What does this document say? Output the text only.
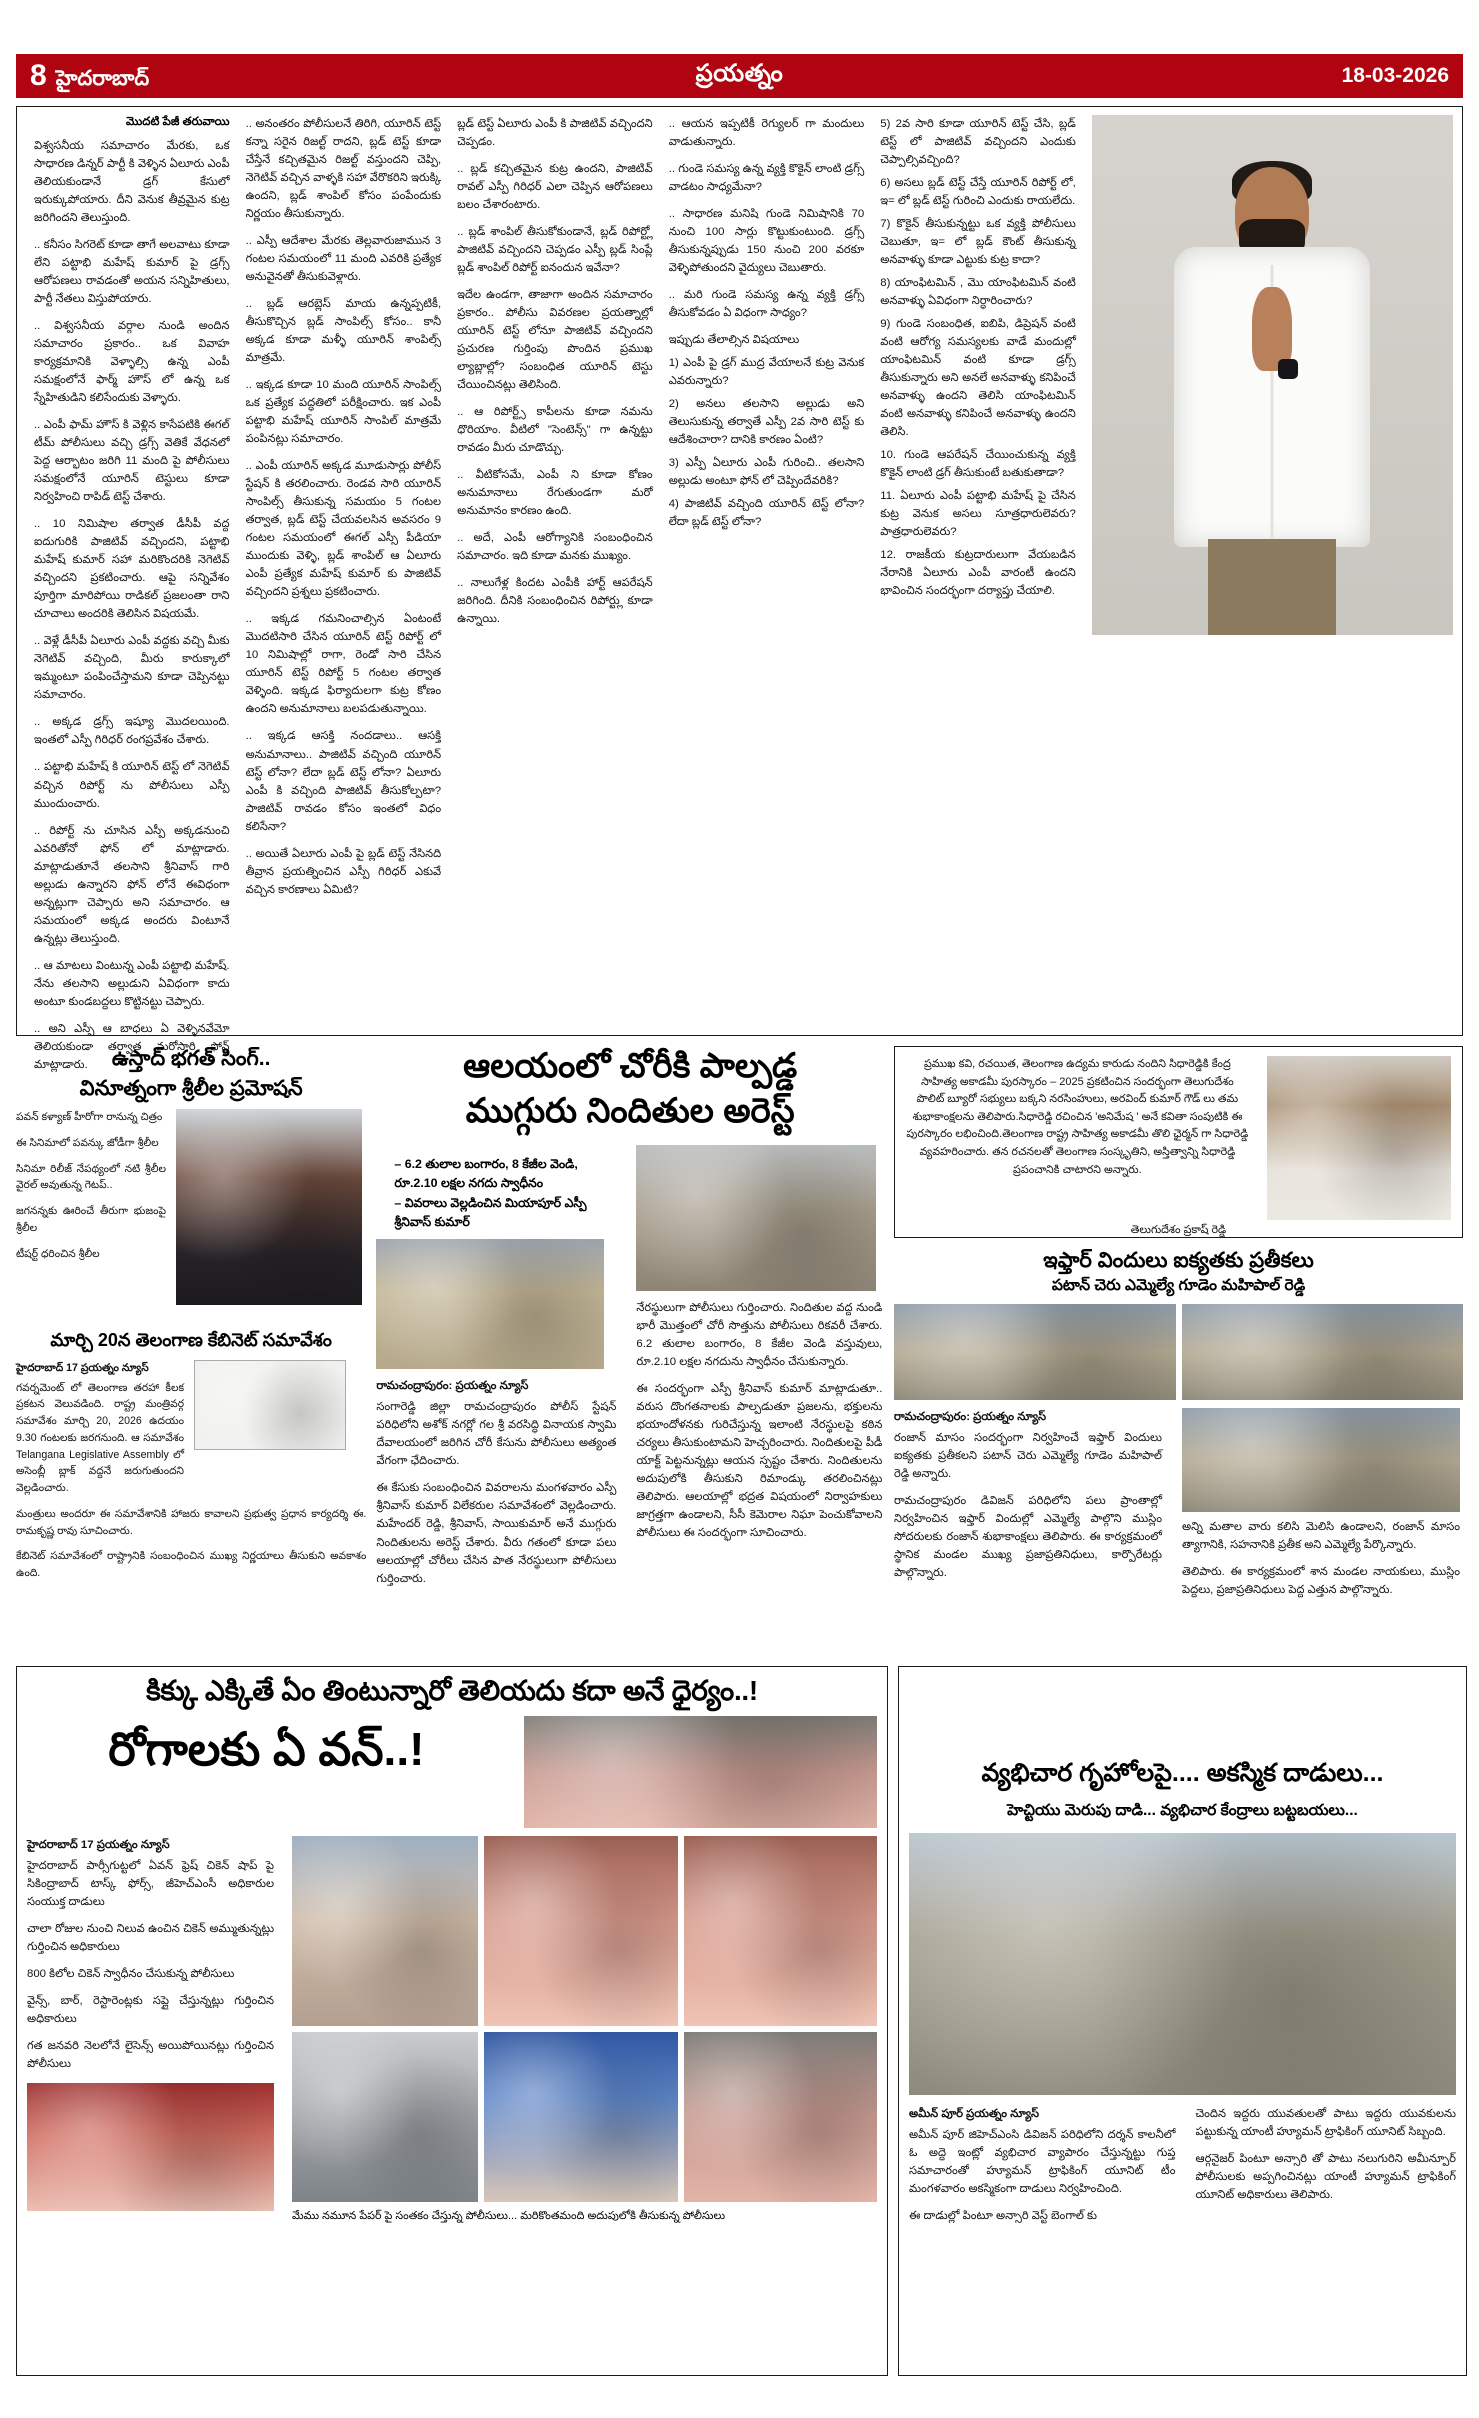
8 హైదరాబాద్	ప్రయత్నం	18-03-2026
మొదటి పేజీ తరువాయి

విశ్వసనీయ సమాచారం మేరకు, ఒక సాధారణ డిన్నర్ పార్టీ కి వెళ్ళిన ఏలూరు ఎంపీ తెలియకుండానే డ్రగ్ కేసులో ఇరుక్కుపోయారు. దీని వెనుక తీవ్రమైన కుట్ర జరిగిందని తెలుస్తుంది.

.. కనీసం సిగరెట్ కూడా తాగే అలవాటు కూడా లేని పట్టాభి మహేష్ కుమార్ పై డ్రగ్స్ ఆరోపణలు రావడంతో అయన సన్నిహితులు, పార్టీ నేతలు విస్తుపోయారు.

.. విశ్వసనీయ వర్గాల నుండి అందిన సమాచారం ప్రకారం.. ఒక వివాహ కార్యక్రమానికి వెళ్ళాల్సి ఉన్న ఎంపీ సమక్షంలోనే ఫార్మ్ హౌస్ లో ఉన్న ఒక స్నేహితుడిని కలిసేందుకు వెళ్ళారు.

.. ఎంపీ ఫామ్ హౌస్ కి వెళ్లిన కాసేపటికి ఈగల్ టీమ్ పోలీసులు వచ్చి డ్రగ్స్ వెతికే వేధనలో పెద్ద ఆర్భాటం జరిగి 11 మంది పై పోలీసులు సమక్షంలోనే యూరిన్ టెస్టులు కూడా నిర్వహించి రాపిడ్ టెస్ట్ చేశారు.

.. 10 నిమిషాల తర్వాత డీసీపీ వద్ద ఐదుగురికి పాజిటివ్ వచ్చిందని, పట్టాభి మహేష్ కుమార్ సహా మరికొందరికి నెగెటివ్ వచ్చిందని ప్రకటించారు. ఆపై సన్నివేశం పూర్తిగా మారిపోయి రాడికల్ ప్రజలంతా రాని చూచాలు అందరికి తెలిసిన విషయమే.

.. వెళ్లే డీసీపీ ఏలూరు ఎంపీ వద్దకు వచ్చి మీకు నెగెటివ్ వచ్చింది, మీరు కారుక్కాలో ఇమ్మంటూ పంపించేస్తామని కూడా చెప్పినట్టు సమాచారం.

.. అక్కడ డ్రగ్స్ ఇష్యూ మొదలయింది. ఇంతలో ఎస్పీ గిరిధర్ రంగప్రవేశం చేశారు.

.. పట్టాభి మహేష్ కి యూరిన్ టెస్ట్ లో నెగెటివ్ వచ్చిన రిపోర్ట్ ను పోలీసులు ఎస్పీ ముందుంచారు.

.. రిపోర్ట్ ను చూసిన ఎస్పీ అక్కడనుంచి ఎవరితోనో ఫోన్ లో మాట్లాడారు. మాట్లాడుతూనే తలసాని శ్రీనివాస్ గారి అల్లుడు ఉన్నారని ఫోన్ లోనే ఈవిధంగా అన్నట్లుగా చెప్పారు అని సమాచారం. ఆ సమయంలో అక్కడ అందరు వింటూనే ఉన్నట్లు తెలుస్తుంది.

.. ఆ మాటలు వింటున్న ఎంపీ పట్టాభి మహేష్. నేను తలసాని అల్లుడుని ఏవిధంగా కాదు అంటూ కుండబద్దలు కొట్టినట్టు చెప్పారు.

.. అని ఎస్పీ ఆ బాధలు ఏ వెళ్ళినవేమో తెలియకుండా తర్వాత మరోసారి ఫోన్ మాట్లాడారు.

.. అనంతరం పోలీసులనే తిరిగి, యూరిన్ టెస్ట్ కన్నా సరైన రిజల్ట్ రాదని, బ్లడ్ టెస్ట్ కూడా చేస్తేనే కచ్చితమైన రిజల్ట్ వస్తుందని చెప్పి, నెగెటివ్ వచ్చిన వాళ్ళకి సహా వేరొకరిని ఇరుక్కి ఉందని, బ్లడ్ శాంపిల్ కోసం పంపేందుకు నిర్ణయం తీసుకున్నారు.

.. ఎస్పీ ఆదేశాల మేరకు తెల్లవారుజామున 3 గంటల సమయంలో 11 మంది ఎవరికి ప్రత్యేక అనువైనతో తీసుకువెళ్లారు.

.. బ్లడ్ ఆరబ్లెస్ మాయ ఉన్నప్పటికీ, తీసుకొచ్చిన బ్లడ్ సాంపిల్స్ కోసం.. కానీ అక్కడ కూడా మళ్ళీ యూరిన్ శాంపిల్స్ మాత్రమే.

.. ఇక్కడ కూడా 10 మంది యూరిన్ సాంపిల్స్ ఒక ప్రత్యేక పద్ధతిలో పరీక్షించారు. ఇక ఎంపీ పట్టాభి మహేష్ యూరిన్ సాంపిల్ మాత్రమే పంపినట్లు సమాచారం.

.. ఎంపీ యూరిన్ అక్కడ మూడుసార్లు పోలీస్ స్టేషన్ కి తరలించారు. రెండవ సారి యూరిన్ సాంపిల్స్ తీసుకున్న సమయం 5 గంటల తర్వాత, బ్లడ్ టెస్ట్ చేయవలసిన అవసరం 9 గంటల సమయంలో ఈగల్ ఎస్సీ పీడియా ముందుకు వెళ్ళి, బ్లడ్ శాంపిల్ ఆ ఏలూరు ఎంపీ ప్రత్యేక మహేష్ కుమార్ కు పాజిటివ్ వచ్చిందని ప్రశ్నలు ప్రకటించారు.

.. ఇక్కడ గమనించాల్సిన ఏంటంటే మొదటిసారి చేసిన యూరిన్ టెస్ట్ రిపోర్ట్ లో 10 నిమిషాల్లో రాగా, రెండో సారి చేసిన యూరిన్ టెస్ట్ రిపోర్ట్ 5 గంటల తర్వాత వెళ్ళింది. ఇక్కడ ఫిర్యాదులగా కుట్ర కోణం ఉందని అనుమానాలు బలపడుతున్నాయి.

.. ఇక్కడ ఆసక్తి నందడాలు.. ఆసక్తి అనుమానాలు.. పాజిటివ్ వచ్చింది యూరిన్ టెస్ట్ లోనా? లేదా బ్లడ్ టెస్ట్ లోనా? ఏలూరు ఎంపీ కి వచ్చింది పాజిటివ్ తీసుకోల్పటా? పాజిటివ్ రావడం కోసం ఇంతలో విధం కలిసేనా?

.. అయితే ఏలూరు ఎంపీ పై బ్లడ్ టెస్ట్ నేసినది తీవ్రాన ప్రయత్నించిన ఎస్పీ గిరిధర్ ఎకువే వచ్చిన కారణాలు ఏమిటి?

బ్లడ్ టెస్ట్ ఏలూరు ఎంపీ కి పాజిటివ్ వచ్చిందని చెప్పడం.

.. బ్లడ్ కచ్చితమైన కుట్ర ఉందని, పాజిటివ్ రావల్ ఎస్పీ గిరిధర్ ఎలా చెప్పిన ఆరోపణలు బలం చేశారంటారు.

.. బ్లడ్ శాంపిల్ తీసుకోకుండానే, బ్లడ్ రిపోర్ట్లో పాజిటివ్ వచ్చిందని చెప్పడం ఎస్పీ బ్లడ్ సింప్లే బ్లడ్ శాంపిల్ రిపోర్ట్ ఐనందున ఇవేనా?

ఇదేల ఉండగా, తాజాగా అందిన సమాచారం ప్రకారం.. పోలీసు వివరణల ప్రయత్నాల్లో యూరిన్ టెస్ట్ లోనూ పాజిటివ్ వచ్చిందని ప్రచురణ గుర్తింపు పొందిన ప్రముఖ ల్యాబ్లాల్లో? సంబంధిత యూరిన్ టెస్టు చేయించినట్లు తెలిసింది.

.. ఆ రిపోర్ట్స్ కాపీలను కూడా నమను ధొరియాం. వీటిలో "సెంటెన్స్" గా ఉన్నట్టు రావడం మీరు చూడొచ్చు.

.. వీటికోసమే, ఎంపీ ని కూడా కోణం అనుమానాలు రేగుతుండగా మరో అనుమానం కారణం ఉంది.

.. అదే, ఎంపీ ఆరోగ్యానికి సంబంధించిన సమాచారం. ఇది కూడా మనకు ముఖ్యం.

.. నాలుగేళ్ల కిందట ఎంపీకి హార్ట్ ఆపరేషన్ జరిగింది. దీనికి సంబంధించిన రిపోర్ట్లు కూడా ఉన్నాయి.

.. ఆయన ఇప్పటికీ రెగ్యులర్ గా మందులు వాడుతున్నారు.

.. గుండె సమస్య ఉన్న వ్యక్తి కొకైన్ లాంటి డ్రగ్స్ వాడటం సాధ్యమేనా?

.. సాధారణ మనిషి గుండె నిమిషానికి 70 నుంచి 100 సార్లు కొట్టుకుంటుంది. డ్రగ్స్ తీసుకున్నప్పుడు 150 నుంచి 200 వరకూ వెళ్ళిపోతుందని వైద్యులు చెబుతారు.

.. మరి గుండె సమస్య ఉన్న వ్యక్తి డ్రగ్స్ తీసుకోవడం ఏ విధంగా సాధ్యం?

ఇప్పుడు తేలాల్సిన విషయాలు

1) ఎంపీ పై డ్రగ్ ముద్ర వేయాలనే కుట్ర వెనుక ఎవరున్నారు?

2) అనలు తలసాని అల్లుడు అని తెలుసుకున్న తర్వాతే ఎస్పీ 2వ సారి టెస్ట్ కు ఆదేశించారా? దానికి కారణం ఏంటి?

3) ఎస్పీ ఏలూరు ఎంపీ గురించి.. తలసాని అల్లుడు అంటూ ఫోన్ లో చెప్పిందేవరికి?

4) పాజిటివ్ వచ్చింది యూరిన్ టెస్ట్ లోనా? లేదా బ్లడ్ టెస్ట్ లోనా?

5) 2వ సారి కూడా యూరిన్ టెస్ట్ చేసి, బ్లడ్ టెస్ట్ లో పాజిటివ్ వచ్చిందని ఎందుకు చెప్పాల్సివచ్చింది?

6) అసలు బ్లడ్ టెస్ట్ చేస్తే యూరిన్ రిపోర్ట్ లో, ఇ= లో బ్లడ్ టెస్ట్ గురించి ఎందుకు రాయలేదు.

7) కొకైన్ తీసుకున్నట్టు ఒక వ్యక్తి పోలీసులు చెబుతూ, ఇ= లో బ్లడ్ కౌంట్ తీసుకున్న అనవాళ్ళు కూడా ఎట్టుకు కుట్ర కాదా?

8) యాంఫిటమిన్ , మొ యాంఫిటమిన్ వంటి అనవాళ్ళు ఏవిధంగా నిర్ధారించారు?

9) గుండె సంబంధిత, ఐబిపి, డిప్రెషన్ వంటి వంటి ఆరోగ్య సమస్యలకు వాడే మందుల్లో యాంఫిటమిన్ వంటి కూడా డ్రగ్స్ తీసుకున్నారు అని అనలే అనవాళ్ళు కనిపించే అనవాళ్ళు ఉందని తెలిసి యాంఫిటమిన్ వంటి అనవాళ్ళు కనిపించే అనవాళ్ళు ఉందని తెలిసి.

10. గుండె ఆపరేషన్ చేయించుకున్న వ్యక్తి కొకైన్ లాంటి డ్రగ్ తీసుకుంటే బతుకుతాడా?

11. ఏలూరు ఎంపీ పట్టాభి మహేష్ పై చేసిన కుట్ర వెనుక అసలు సూత్రధారులెవరు? పాత్రధారులెవరు?

12. రాజకీయ కుట్రదారులుగా వేయబడిన నేరానికి ఏలూరు ఎంపీ వారంటీ ఉందని భావించిన సందర్భంగా దర్యాప్తు చేయాలి.

ఉస్తాద్ భగత్ సింగ్..
వినూత్నంగా శ్రీలీల ప్రమోషన్

పవన్ కళ్యాణ్ హీరోగా రానున్న చిత్రం

ఈ సినిమాలో పవన్కు జోడీగా శ్రీలీల

సినిమా రిలీజ్ నేపథ్యంలో నటి శ్రీలీల వైరల్ అవుతున్న గెటప్..

జగనన్నకు ఊరించే తీరుగా భుజంపై శ్రీలీల

టీషర్ట్ ధరించిన శ్రీలీల

మార్చి 20న తెలంగాణ కేబినెట్ సమావేశం

హైదరాబాద్ 17 ప్రయత్నం న్యూస్

గవర్నమెంట్ లో తెలంగాణ తరహా కీలక ప్రకటన వెలువడింది. రాష్ట్ర మంత్రివర్గ సమావేశం మార్చి 20, 2026 ఉదయం 9.30 గంటలకు జరగనుంది. ఆ సమావేశం Telangana Legislative Assembly లో అసెంబ్లీ బ్లాక్ వద్దనే జరుగుతుందని వెల్లడించారు.

మంత్రులు అందరూ ఈ సమావేశానికి హాజరు కావాలని ప్రభుత్వ ప్రధాన కార్యదర్శి ఈ. రామకృష్ణ రావు సూచించారు.

కేబినెట్ సమావేశంలో రాష్ట్రానికి సంబంధించిన ముఖ్య నిర్ణయాలు తీసుకుని అవకాశం ఉంది.

ఆలయంలో చోరీకి పాల్పడ్డ
ముగ్గురు నిందితుల అరెస్ట్
– 6.2 తులాల బంగారం, 8 కేజీల వెండి, రూ.2.10 లక్షల నగదు స్వాధీనం
– వివరాలు వెల్లడించిన మియాపూర్ ఎస్పీ శ్రీనివాస్ కుమార్

రామచంద్రాపురం: ప్రయత్నం న్యూస్

సంగారెడ్డి జిల్లా రామచంద్రాపురం పోలీస్ స్టేషన్ పరిధిలోని అశోక్ నగర్లో గల శ్రీ వరసిద్ధి వినాయక స్వామి దేవాలయంలో జరిగిన చోరీ కేసును పోలీసులు అత్యంత వేగంగా ఛేదించారు.

ఈ కేసుకు సంబంధించిన వివరాలను మంగళవారం ఎస్పీ శ్రీనివాస్ కుమార్ విలేకరుల సమావేశంలో వెల్లడించారు. మహేందర్ రెడ్డి, శ్రీనివాస్, సాయికుమార్ అనే ముగ్గురు నిందితులను అరెస్ట్ చేశారు. వీరు గతంలో కూడా పలు ఆలయాల్లో చోరీలు చేసిన పాత నేరస్థులుగా పోలీసులు గుర్తించారు.

నేరస్థులుగా పోలీసులు గుర్తించారు. నిందితుల వద్ద నుండి భారీ మొత్తంలో చోరీ సొత్తును పోలీసులు రికవరీ చేశారు. 6.2 తులాల బంగారం, 8 కేజీల వెండి వస్తువులు, రూ.2.10 లక్షల నగదును స్వాధీనం చేసుకున్నారు.

ఈ సందర్భంగా ఎస్పీ శ్రీనివాస్ కుమార్ మాట్లాడుతూ.. వరుస దొంగతనాలకు పాల్పడుతూ ప్రజలను, భక్తులను భయాందోళనకు గురిచేస్తున్న ఇలాంటి నేరస్థులపై కఠిన చర్యలు తీసుకుంటామని హెచ్చరించారు. నిందితులపై పీడీ యాక్ట్ పెట్టనున్నట్లు ఆయన స్పష్టం చేశారు. నిందితులను అదుపులోకి తీసుకుని రిమాండ్కు తరలించినట్లు తెలిపారు. ఆలయాల్లో భద్రత విషయంలో నిర్వాహకులు జాగ్రత్తగా ఉండాలని, సీసీ కెమెరాల నిఘా పెంచుకోవాలని పోలీసులు ఈ సందర్భంగా సూచించారు.

ప్రముఖ కవి, రచయిత, తెలంగాణ ఉద్యమ కారుడు నందిని సిధారెడ్డికి కేంద్ర సాహిత్య అకాడమీ పురస్కారం – 2025 ప్రకటించిన సందర్భంగా తెలుగుదేశం పొలిట్ బ్యూరో సభ్యులు బక్కని నరసింహులు, అరవింద్ కుమార్ గౌడ్ లు తమ శుభాకాంక్షలను తెలిపారు.సిధారెడ్డి రచించిన 'అనిమేష ' అనే కవితా సంపుటికి ఈ పురస్కారం లభించింది.తెలంగాణ రాష్ట్ర సాహిత్య అకాడమీ తొలి ఛైర్మన్ గా సిధారెడ్డి వ్యవహరించారు. తన రచనలతో తెలంగాణ సంస్కృతిని, అస్తిత్వాన్ని సిధారెడ్డి ప్రపంచానికి చాటారని అన్నారు.

తెలుగుదేశం ప్రకాష్ రెడ్డి

ఇఫ్తార్ విందులు ఐక్యతకు ప్రతీకలు
పటాన్ చెరు ఎమ్మెల్యే గూడెం మహిపాల్ రెడ్డి

రామచంద్రాపురం: ప్రయత్నం న్యూస్

రంజాన్ మాసం సందర్భంగా నిర్వహించే ఇఫ్తార్ విందులు ఐక్యతకు ప్రతీకలని పటాన్ చెరు ఎమ్మెల్యే గూడెం మహిపాల్ రెడ్డి అన్నారు.

రామచంద్రాపురం డివిజన్ పరిధిలోని పలు ప్రాంతాల్లో నిర్వహించిన ఇఫ్తార్ విందుల్లో ఎమ్మెల్యే పాల్గొని ముస్లిం సోదరులకు రంజాన్ శుభాకాంక్షలు తెలిపారు. ఈ కార్యక్రమంలో స్థానిక మండల ముఖ్య ప్రజాప్రతినిధులు, కార్పొరేటర్లు పాల్గొన్నారు.

అన్ని మతాల వారు కలిసి మెలిసి ఉండాలని, రంజాన్ మాసం త్యాగానికి, సహనానికి ప్రతీక అని ఎమ్మెల్యే పేర్కొన్నారు.

తెలిపారు. ఈ కార్యక్రమంలో శాన మండల నాయకులు, ముస్లిం పెద్దలు, ప్రజాప్రతినిధులు పెద్ద ఎత్తున పాల్గొన్నారు.

కిక్కు ఎక్కితే ఏం తింటున్నారో తెలియదు కదా అనే ధైర్యం..!
రోగాలకు ఏ వన్..!

హైదరాబాద్ 17 ప్రయత్నం న్యూస్

హైదరాబాద్ పార్సీగుట్టలో ఏవన్ ఫ్రెష్ చికెన్ షాప్ పై సికింద్రాబాద్ టాస్క్ ఫోర్స్, జీహెచ్ఎంసీ అధికారుల సంయుక్త దాడులు

చాలా రోజుల నుంచి నిలువ ఉంచిన చికెన్ అమ్ముతున్నట్లు గుర్తించిన అధికారులు

800 కిలోల చికెన్ స్వాధీనం చేసుకున్న పోలీసులు

వైన్స్, బార్, రెస్టారెంట్లకు సప్లై చేస్తున్నట్లు గుర్తించిన అధికారులు

గత జనవరి నెలలోనే లైసెన్స్ అయిపోయినట్లు గుర్తించిన పోలీసులు

మేము నమూన పేపర్ పై సంతకం చేస్తున్న పోలీసులు... మరికొంతమంది అదుపులోకి తీసుకున్న పోలీసులు

వ్యభిచార గృహోలపై.... అకస్మిక దాడులు...
హెచ్టియు మెరుపు దాడి... వ్యభిచార కేంద్రాలు బట్టబయలు...

అమీన్ పూర్ ప్రయత్నం న్యూస్

అమీన్ పూర్ జిహెచ్ఎంసి డివిజన్ పరిధిలోని దర్శన్ కాలనీలో ఓ అద్దె ఇంట్లో వ్యభిచార వ్యాపారం చేస్తున్నట్టు గుప్త సమాచారంతో హ్యూమన్ ట్రాఫికింగ్ యూనిట్ టీం మంగళవారం అకస్మికంగా దాడులు నిర్వహించింది.

ఈ దాడుల్లో పింటూ అన్సారి వెస్ట్ బెంగాల్ కు

చెందిన ఇద్దరు యువతులతో పాటు ఇద్దరు యువకులను పట్టుకున్న యాంటీ హ్యూమన్ ట్రాఫికింగ్ యూనిట్ సిబ్బంది.

ఆర్గనైజర్ పింటూ అన్సారి తో పాటు నలుగురిని అమీన్పూర్ పోలీసులకు అప్పగించినట్లు యాంటీ హ్యూమన్ ట్రాఫికింగ్ యూనిట్ అధికారులు తెలిపారు.
